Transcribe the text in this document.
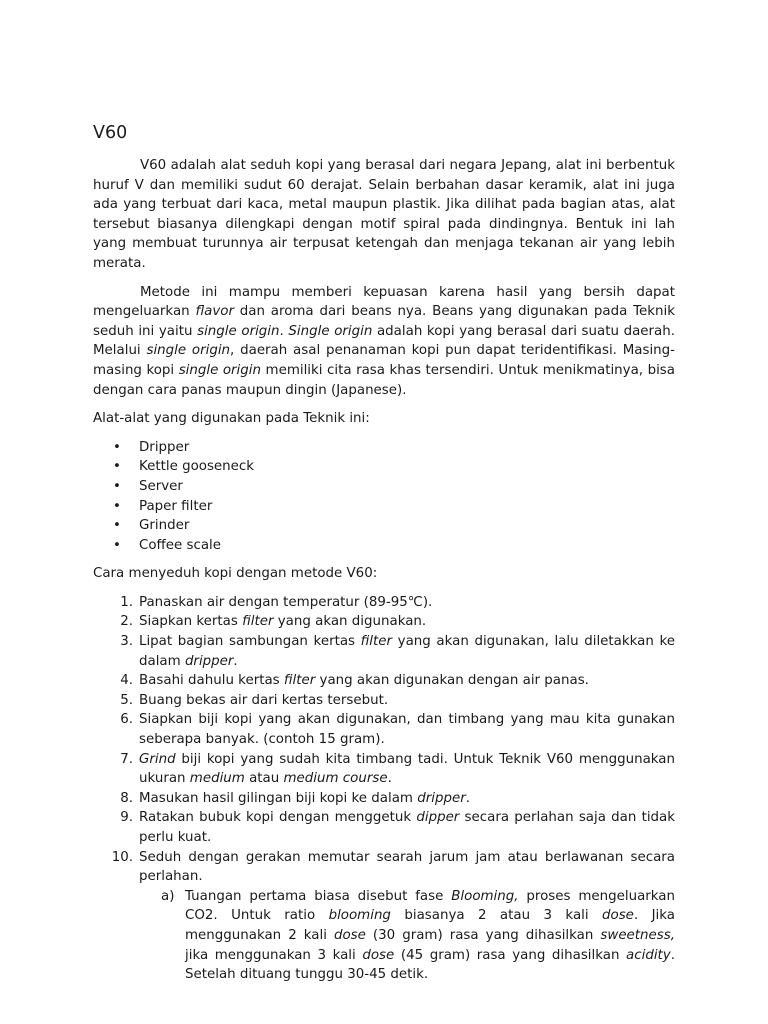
V60

V60 adalah alat seduh kopi yang berasal dari negara Jepang, alat ini berbentuk huruf V dan memiliki sudut 60 derajat. Selain berbahan dasar keramik, alat ini juga ada yang terbuat dari kaca, metal maupun plastik. Jika dilihat pada bagian atas, alat tersebut biasanya dilengkapi dengan motif spiral pada dindingnya. Bentuk ini lah yang membuat turunnya air terpusat ketengah dan menjaga tekanan air yang lebih merata.

Metode ini mampu memberi kepuasan karena hasil yang bersih dapat mengeluarkan flavor dan aroma dari beans nya. Beans yang digunakan pada Teknik seduh ini yaitu single origin. Single origin adalah kopi yang berasal dari suatu daerah. Melalui single origin, daerah asal penanaman kopi pun dapat teridentifikasi. Masing-masing kopi single origin memiliki cita rasa khas tersendiri. Untuk menikmatinya, bisa dengan cara panas maupun dingin (Japanese).

Alat-alat yang digunakan pada Teknik ini:

• Dripper
• Kettle gooseneck
• Server
• Paper filter
• Grinder
• Coffee scale

Cara menyeduh kopi dengan metode V60:

1. Panaskan air dengan temperatur (89-95℃).
2. Siapkan kertas filter yang akan digunakan.
3. Lipat bagian sambungan kertas filter yang akan digunakan, lalu diletakkan ke dalam dripper.
4. Basahi dahulu kertas filter yang akan digunakan dengan air panas.
5. Buang bekas air dari kertas tersebut.
6. Siapkan biji kopi yang akan digunakan, dan timbang yang mau kita gunakan seberapa banyak. (contoh 15 gram).
7. Grind biji kopi yang sudah kita timbang tadi. Untuk Teknik V60 menggunakan ukuran medium atau medium course.
8. Masukan hasil gilingan biji kopi ke dalam dripper.
9. Ratakan bubuk kopi dengan menggetuk dipper secara perlahan saja dan tidak perlu kuat.
10. Seduh dengan gerakan memutar searah jarum jam atau berlawanan secara perlahan.
a) Tuangan pertama biasa disebut fase Blooming, proses mengeluarkan CO2. Untuk ratio blooming biasanya 2 atau 3 kali dose. Jika menggunakan 2 kali dose (30 gram) rasa yang dihasilkan sweetness, jika menggunakan 3 kali dose (45 gram) rasa yang dihasilkan acidity. Setelah dituang tunggu 30-45 detik.
